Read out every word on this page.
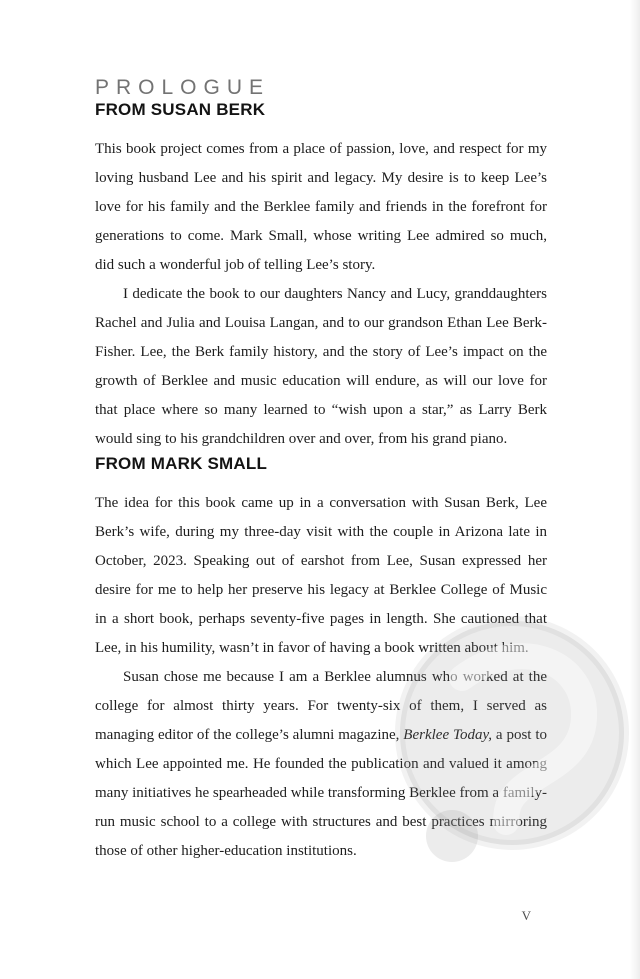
PROLOGUE
FROM SUSAN BERK

This book project comes from a place of passion, love, and respect for my loving husband Lee and his spirit and legacy. My desire is to keep Lee’s love for his family and the Berklee family and friends in the forefront for generations to come. Mark Small, whose writing Lee admired so much, did such a wonderful job of telling Lee’s story.

I dedicate the book to our daughters Nancy and Lucy, granddaughters Rachel and Julia and Louisa Langan, and to our grandson Ethan Lee Berk-Fisher. Lee, the Berk family history, and the story of Lee’s impact on the growth of Berklee and music education will endure, as will our love for that place where so many learned to “wish upon a star,” as Larry Berk would sing to his grandchildren over and over, from his grand piano.

FROM MARK SMALL

The idea for this book came up in a conversation with Susan Berk, Lee Berk’s wife, during my three-day visit with the couple in Arizona late in October, 2023. Speaking out of earshot from Lee, Susan expressed her desire for me to help her preserve his legacy at Berklee College of Music in a short book, perhaps seventy-five pages in length. She cautioned that Lee, in his humility, wasn’t in favor of having a book written about him.

Susan chose me because I am a Berklee alumnus who worked at the college for almost thirty years. For twenty-six of them, I served as managing editor of the college’s alumni magazine, Berklee Today, a post to which Lee appointed me. He founded the publication and valued it among many initiatives he spearheaded while transforming Berklee from a family-run music school to a college with structures and best practices mirroring those of other higher-education institutions.

V
